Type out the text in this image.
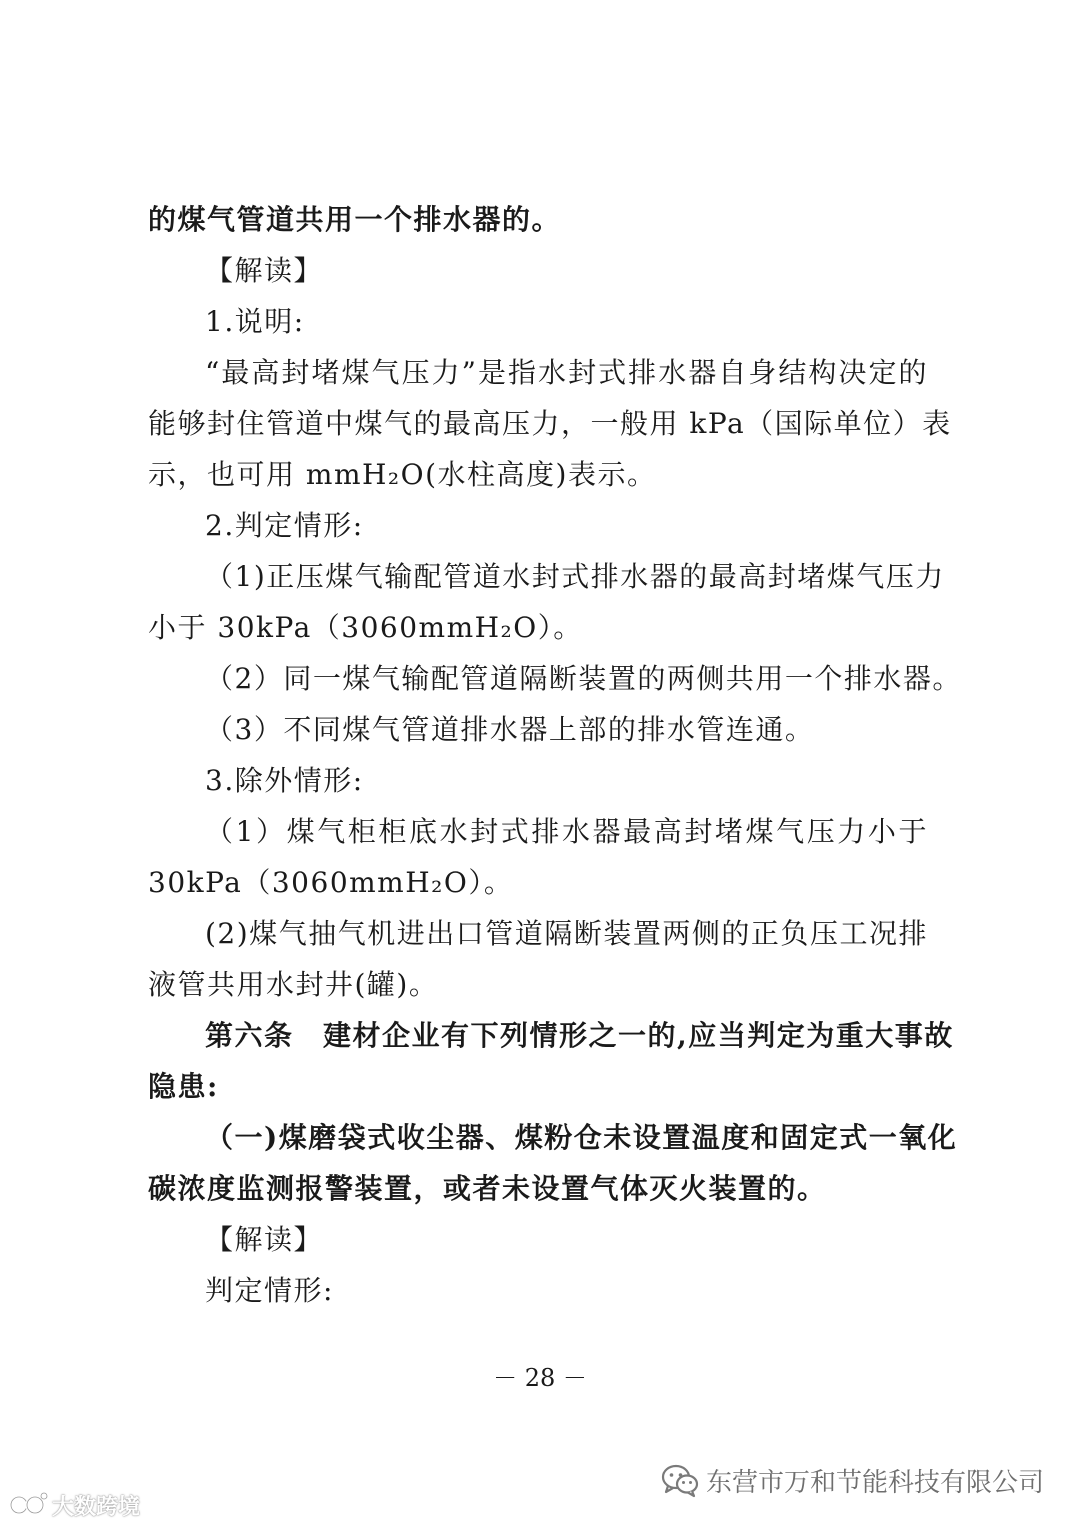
的煤气管道共用一个排水器的。
【解读】
1.说明:
“最高封堵煤气压力”是指水封式排水器自身结构决定的
能够封住管道中煤气的最高压力，一般用 kPa（国际单位）表
示，也可用 mmH₂O(水柱高度)表示。
2.判定情形:
（1)正压煤气输配管道水封式排水器的最高封堵煤气压力
小于 30kPa（3060mmH₂O）。
（2）同一煤气输配管道隔断装置的两侧共用一个排水器。
（3）不同煤气管道排水器上部的排水管连通。
3.除外情形:
（1）煤气柜柜底水封式排水器最高封堵煤气压力小于
30kPa（3060mmH₂O）。
(2)煤气抽气机进出口管道隔断装置两侧的正负压工况排
液管共用水封井(罐)。
第六条　建材企业有下列情形之一的,应当判定为重大事故
隐患:
（一)煤磨袋式收尘器、煤粉仓未设置温度和固定式一氧化
碳浓度监测报警装置，或者未设置气体灭火装置的。
【解读】
判定情形:
－ 28 －
东营市万和节能科技有限公司
大数跨境
